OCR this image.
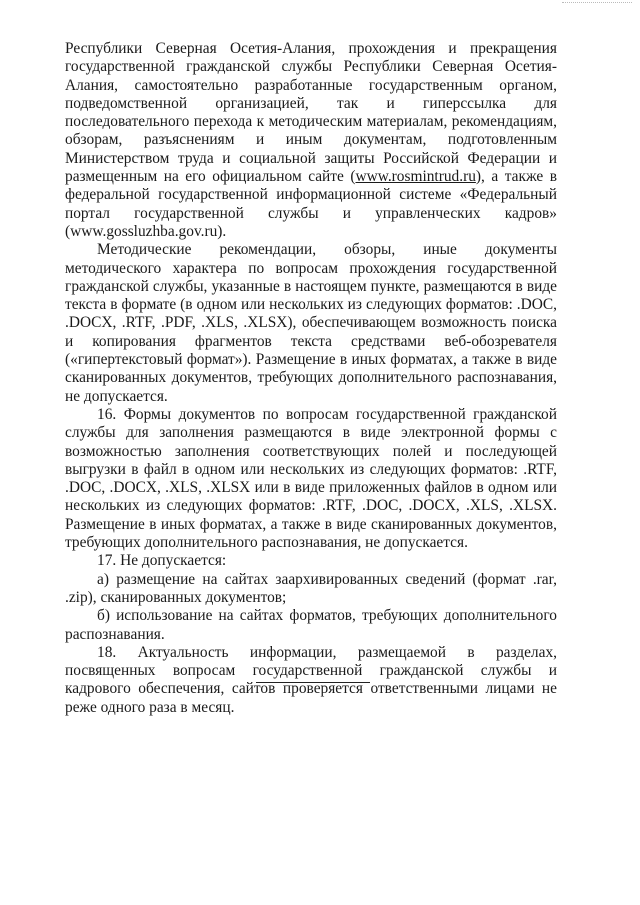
Республики Северная Осетия-Алания, прохождения и прекращения государственной гражданской службы Республики Северная Осетия-Алания, самостоятельно разработанные государственным органом, подведомственной организацией, так и гиперссылка для последовательного перехода к методическим материалам, рекомендациям, обзорам, разъяснениям и иным документам, подготовленным Министерством труда и социальной защиты Российской Федерации и размещенным на его официальном сайте (www.rosmintrud.ru), а также в федеральной государственной информационной системе «Федеральный портал государственной службы и управленческих кадров» (www.gossluzhba.gov.ru).

Методические рекомендации, обзоры, иные документы методического характера по вопросам прохождения государственной гражданской службы, указанные в настоящем пункте, размещаются в виде текста в формате (в одном или нескольких из следующих форматов: .DOC, .DOCX, .RTF, .PDF, .XLS, .XLSX), обеспечивающем возможность поиска и копирования фрагментов текста средствами веб-обозревателя («гипертекстовый формат»). Размещение в иных форматах, а также в виде сканированных документов, требующих дополнительного распознавания, не допускается.

16. Формы документов по вопросам государственной гражданской службы для заполнения размещаются в виде электронной формы с возможностью заполнения соответствующих полей и последующей выгрузки в файл в одном или нескольких из следующих форматов: .RTF, .DOC, .DOCX, .XLS, .XLSX или в виде приложенных файлов в одном или нескольких из следующих форматов: .RTF, .DOC, .DOCX, .XLS, .XLSX. Размещение в иных форматах, а также в виде сканированных документов, требующих дополнительного распознавания, не допускается.

17. Не допускается:

а) размещение на сайтах заархивированных сведений (формат .rar, .zip), сканированных документов;

б) использование на сайтах форматов, требующих дополнительного распознавания.

18. Актуальность информации, размещаемой в разделах, посвященных вопросам государственной гражданской службы и кадрового обеспечения, сайтов проверяется ответственными лицами не реже одного раза в месяц.
